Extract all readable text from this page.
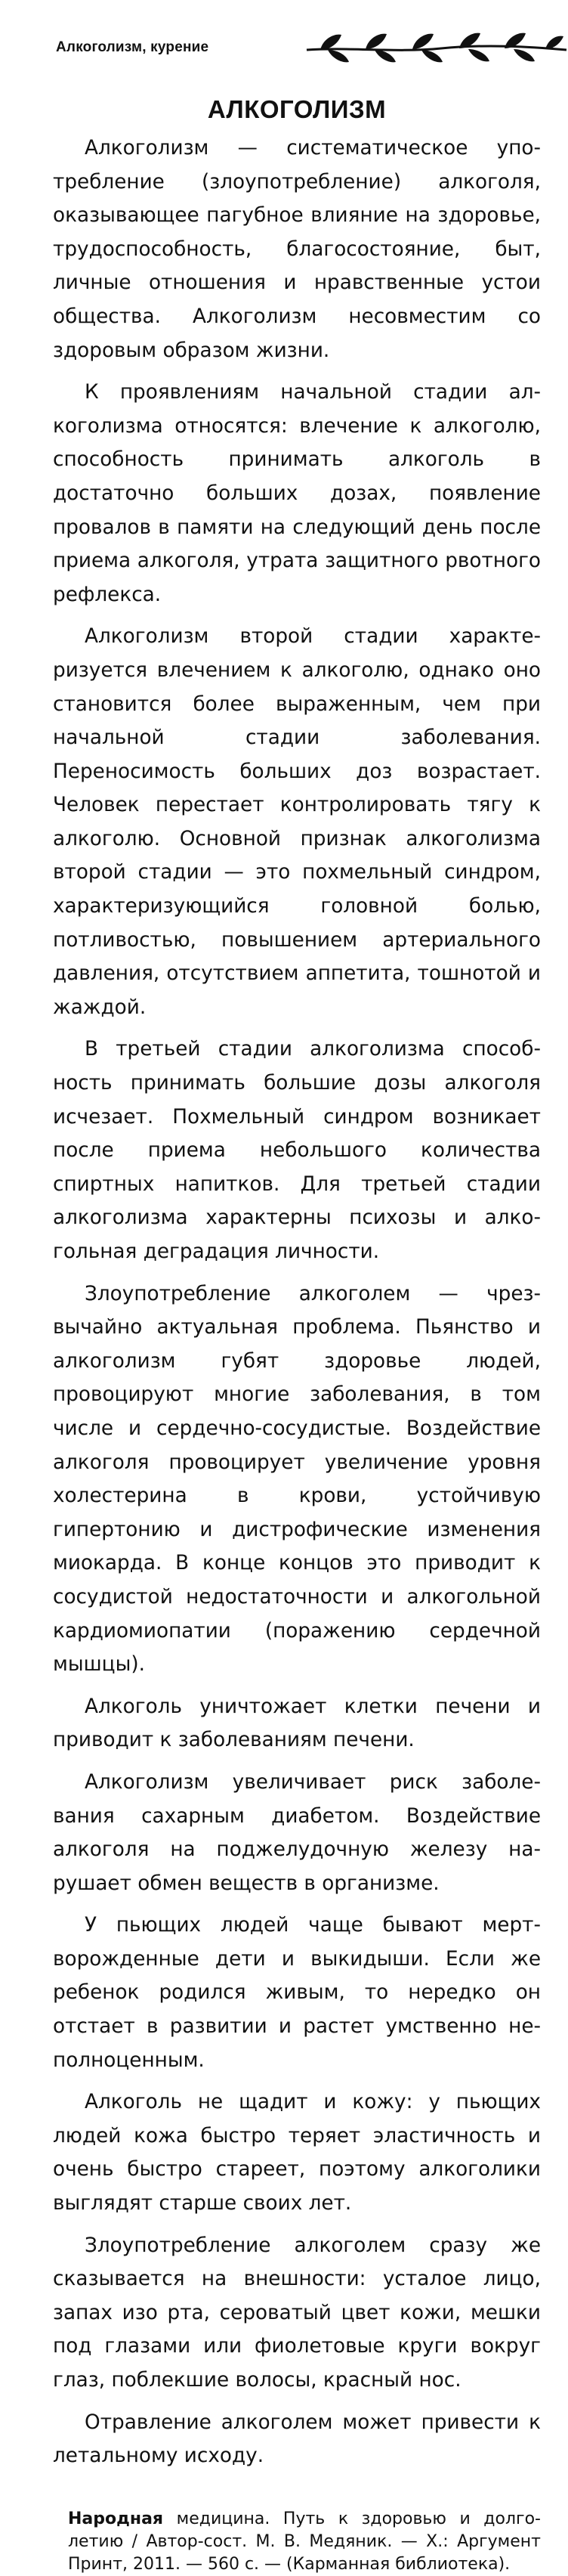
Алкоголизм, курение
АЛКОГОЛИЗМ

Алкоголизм — систематическое употребление (злоупотребление) алкоголя, оказывающее пагубное влияние на здоровье, трудоспособность, благосостояние, быт, личные отношения и нравственные устои общества. Алкоголизм несовместим со здоровым образом жизни.

К проявлениям начальной стадии алкоголизма относятся: влечение к алкоголю, способность принимать алкоголь в достаточно больших дозах, появление провалов в памяти на следующий день после приема алкоголя, утрата защитного рвотного рефлекса.

Алкоголизм второй стадии характеризуется влечением к алкоголю, однако оно становится более выраженным, чем при начальной стадии заболевания. Переносимость больших доз возрастает. Человек перестает контролировать тягу к алкоголю. Основной признак алкоголизма второй стадии — это похмельный синдром, характеризующийся головной болью, потливостью, повышением артериального давления, отсутствием аппетита, тошнотой и жаждой.

В третьей стадии алкоголизма способность принимать большие дозы алкоголя исчезает. Похмельный синдром возникает после приема небольшого количества спиртных напитков. Для третьей стадии алкоголизма характерны психозы и алкогольная деградация личности.

Злоупотребление алкоголем — чрезвычайно актуальная проблема. Пьянство и алкоголизм губят здоровье людей, провоцируют многие заболевания, в том числе и сердечно-сосудистые. Воздействие алкоголя провоцирует увеличение уровня холестерина в крови, устойчивую гипертонию и дистрофические изменения миокарда. В конце концов это приводит к сосудистой недостаточности и алкогольной кардиомиопатии (поражению сердечной мышцы).

Алкоголь уничтожает клетки печени и приводит к заболеваниям печени.

Алкоголизм увеличивает риск заболевания сахарным диабетом. Воздействие алкоголя на поджелудочную железу нарушает обмен веществ в организме.

У пьющих людей чаще бывают мертворожденные дети и выкидыши. Если же ребенок родился живым, то нередко он отстает в развитии и растет умственно неполноценным.

Алкоголь не щадит и кожу: у пьющих людей кожа быстро теряет эластичность и очень быстро стареет, поэтому алкоголики выглядят старше своих лет.

Злоупотребление алкоголем сразу же сказывается на внешности: усталое лицо, запах изо рта, сероватый цвет кожи, мешки под глазами или фиолетовые круги вокруг глаз, поблекшие волосы, красный нос.

Отравление алкоголем может привести к летальному исходу.

Народная медицина. Путь к здоровью и долголетию / Автор-сост. М. В. Медяник. — Х.: Аргумент Принт, 2011. — 560 с. — (Карманная библиотека).
